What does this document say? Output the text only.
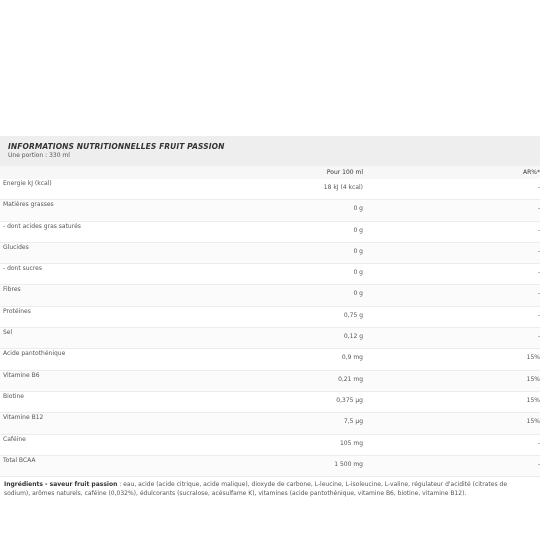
INFORMATIONS NUTRITIONNELLES FRUIT PASSION
Une portion : 330 ml
	Pour 100 ml		AR%*
Energie kJ (kcal)	18 kJ (4 kcal)		-
Matières grasses	0 g		-
- dont acides gras saturés	0 g		-
Glucides	0 g		-
- dont sucres	0 g		-
Fibres	0 g		-
Protéines	0,75 g		-
Sel	0,12 g		-
Acide pantothénique	0,9 mg		15%
Vitamine B6	0,21 mg		15%
Biotine	0,375 µg		15%
Vitamine B12	7,5 µg		15%
Caféine	105 mg		-
Total BCAA	1 500 mg		-
Ingrédients - saveur fruit passion : eau, acide (acide citrique, acide malique), dioxyde de carbone, L-leucine, L-isoleucine, L-valine, régulateur d'acidité (citrates de sodium), arômes naturels, caféine (0,032%), édulcorants (sucralose, acésulfame K), vitamines (acide pantothénique, vitamine B6, biotine, vitamine B12).
